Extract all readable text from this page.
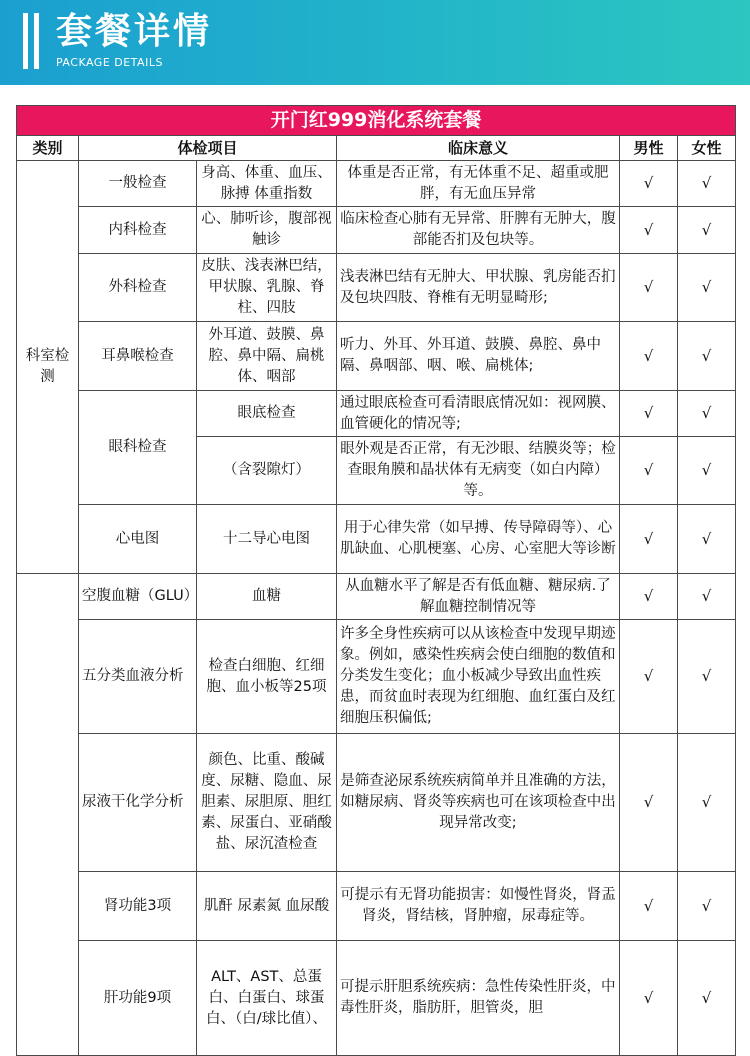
套餐详情
PACKAGE DETAILS
开门红999消化系统套餐					
类别	体检项目		临床意义	男性	女性
科室检测	一般检查	身高、体重、血压、脉搏 体重指数	体重是否正常，有无体重不足、超重或肥胖，有无血压异常	√	√
	内科检查	心、肺听诊，腹部视触诊	临床检查心肺有无异常、肝脾有无肿大，腹部能否扪及包块等。	√	√
	外科检查	皮肤、浅表淋巴结，甲状腺、乳腺、脊柱、四肢	浅表淋巴结有无肿大、甲状腺、乳房能否扪及包块四肢、脊椎有无明显畸形;	√	√
	耳鼻喉检查	外耳道、鼓膜、鼻腔、鼻中隔、扁桃体、咽部	听力、外耳、外耳道、鼓膜、鼻腔、鼻中隔、鼻咽部、咽、喉、扁桃体;	√	√
	眼科检查	眼底检查	通过眼底检查可看清眼底情况如：视网膜、血管硬化的情况等;	√	√
		（含裂隙灯）	眼外观是否正常，有无沙眼、结膜炎等；检查眼角膜和晶状体有无病变（如白内障）等。	√	√
	心电图	十二导心电图	用于心律失常（如早搏、传导障碍等）、心肌缺血、心肌梗塞、心房、心室肥大等诊断	√	√
	空腹血糖（GLU）	血糖	从血糖水平了解是否有低血糖、糖尿病.了解血糖控制情况等	√	√
	五分类血液分析	检查白细胞、红细胞、血小板等25项	许多全身性疾病可以从该检查中发现早期迹象。例如，感染性疾病会使白细胞的数值和分类发生变化；血小板减少导致出血性疾患，而贫血时表现为红细胞、血红蛋白及红细胞压积偏低;	√	√
	尿液干化学分析	颜色、比重、酸碱度、尿糖、隐血、尿胆素、尿胆原、胆红素、尿蛋白、亚硝酸盐、尿沉渣检查	是筛查泌尿系统疾病简单并且准确的方法，如糖尿病、肾炎等疾病也可在该项检查中出现异常改变;	√	√
	肾功能3项	肌酐 尿素氮 血尿酸	可提示有无肾功能损害：如慢性肾炎，肾盂肾炎，肾结核，肾肿瘤，尿毒症等。	√	√
	肝功能9项	ALT、AST、总蛋白、白蛋白、球蛋白、（白/球比值）、	可提示肝胆系统疾病：急性传染性肝炎，中毒性肝炎，脂肪肝，胆管炎，胆	√	√
